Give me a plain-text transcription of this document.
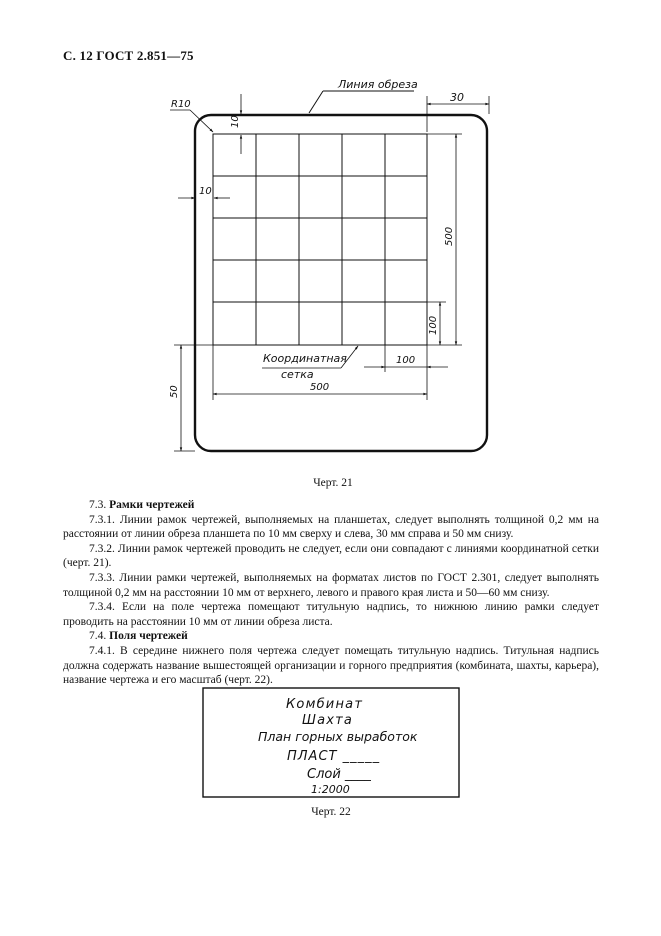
С. 12 ГОСТ 2.851—75
Линия обреза
30
R10
10
10
500
100
50
Координатная
сетка
100
500
Черт. 21

7.3. Рамки чертежей

7.3.1. Линии рамок чертежей, выполняемых на планшетах, следует выполнять толщиной 0,2 мм на расстоянии от линии обреза планшета по 10 мм сверху и слева, 30 мм справа и 50 мм снизу.

7.3.2. Линии рамок чертежей проводить не следует, если они совпадают с линиями координатной сетки (черт. 21).

7.3.3. Линии рамки чертежей, выполняемых на форматах листов по ГОСТ 2.301, следует выполнять толщиной 0,2 мм на расстоянии 10 мм от верхнего, левого и правого края листа и 50—60 мм снизу.

7.3.4. Если на поле чертежа помещают титульную надпись, то нижнюю линию рамки следует проводить на расстоянии 10 мм от линии обреза листа.

7.4. Поля чертежей

7.4.1. В середине нижнего поля чертежа следует помещать титульную надпись. Титульная надпись должна содержать название вышестоящей организации и горного предприятия (комбината, шахты, карьера), название чертежа и его масштаб (черт. 22).

Комбинат
Шахта
План горных выработок
ПЛАСТ _____
Слой ____
1:2000
Черт. 22
